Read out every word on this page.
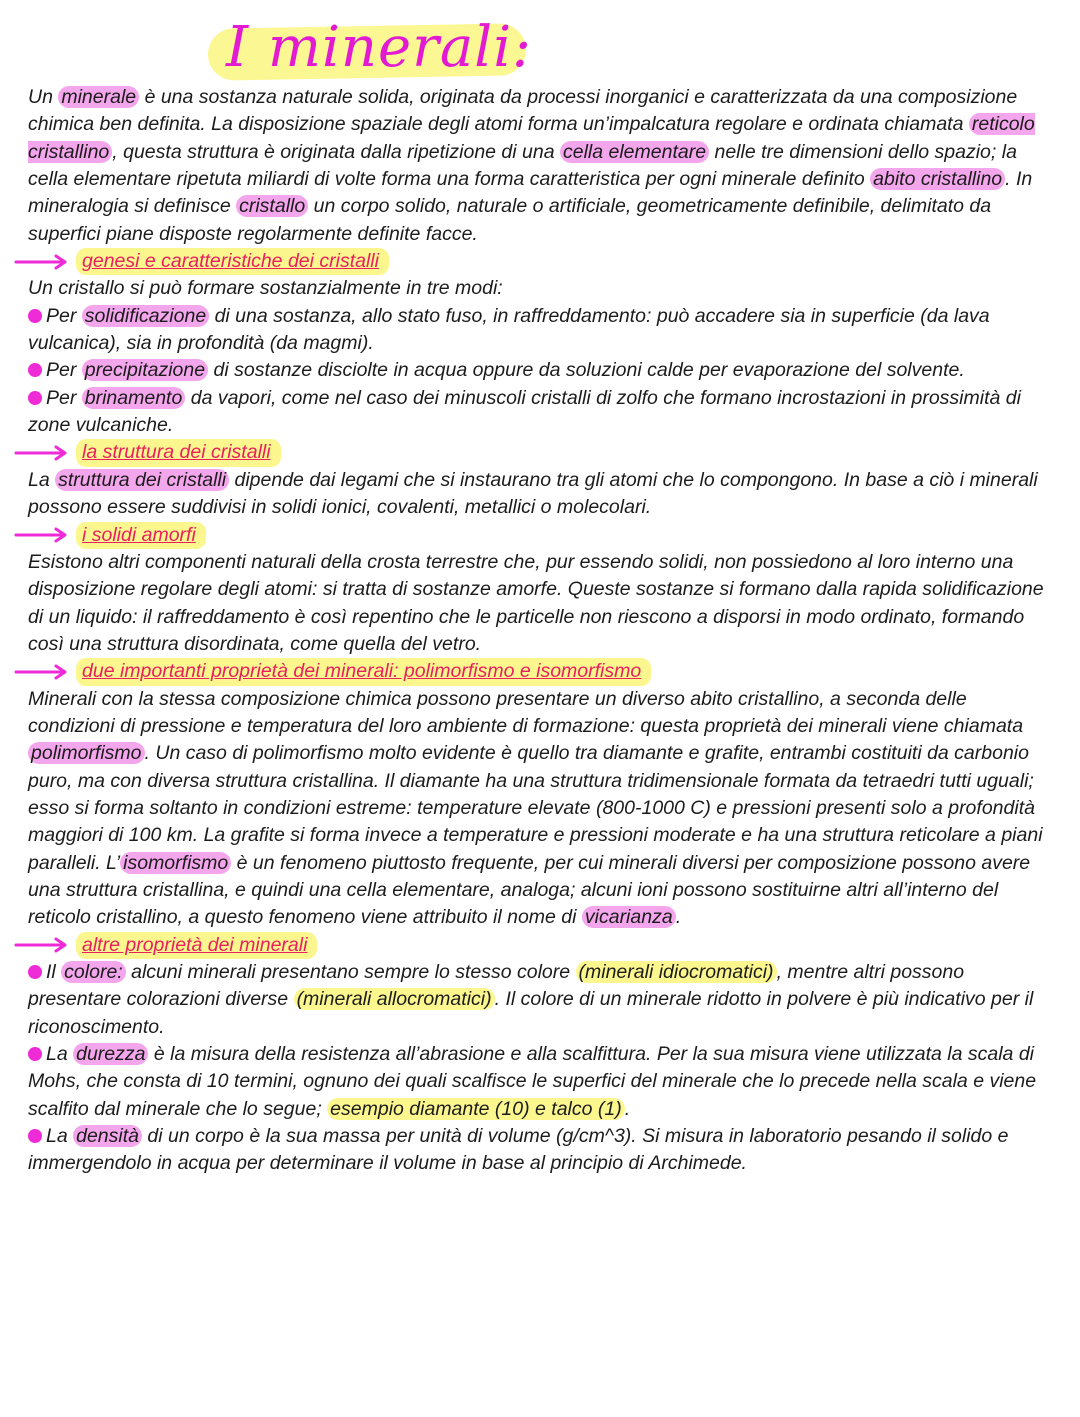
I minerali:

Un minerale è una sostanza naturale solida, originata da processi inorganici e caratterizzata da una composizione chimica ben definita. La disposizione spaziale degli atomi forma un’impalcatura regolare e ordinata chiamata reticolo cristallino , questa struttura è originata dalla ripetizione di una cella elementare nelle tre dimensioni dello spazio; la cella elementare ripetuta miliardi di volte forma una forma caratteristica per ogni minerale definito abito cristallino . In mineralogia si definisce cristallo un corpo solido, naturale o artificiale, geometricamente definibile, delimitato da superfici piane disposte regolarmente definite facce.

genesi e caratteristiche dei cristalli

Un cristallo si può formare sostanzialmente in tre modi:

Per solidificazione di una sostanza, allo stato fuso, in raffreddamento: può accadere sia in superficie (da lava vulcanica), sia in profondità (da magmi).

Per precipitazione di sostanze disciolte in acqua oppure da soluzioni calde per evaporazione del solvente.

Per brinamento da vapori, come nel caso dei minuscoli cristalli di zolfo che formano incrostazioni in prossimità di zone vulcaniche.

la struttura dei cristalli

La struttura dei cristalli dipende dai legami che si instaurano tra gli atomi che lo compongono. In base a ciò i minerali possono essere suddivisi in solidi ionici, covalenti, metallici o molecolari.

i solidi amorfi

Esistono altri componenti naturali della crosta terrestre che, pur essendo solidi, non possiedono al loro interno una disposizione regolare degli atomi: si tratta di sostanze amorfe. Queste sostanze si formano dalla rapida solidificazione di un liquido: il raffreddamento è così repentino che le particelle non riescono a disporsi in modo ordinato, formando così una struttura disordinata, come quella del vetro.

due importanti proprietà dei minerali: polimorfismo e isomorfismo

Minerali con la stessa composizione chimica possono presentare un diverso abito cristallino, a seconda delle condizioni di pressione e temperatura del loro ambiente di formazione: questa proprietà dei minerali viene chiamata polimorfismo . Un caso di polimorfismo molto evidente è quello tra diamante e grafite, entrambi costituiti da carbonio puro, ma con diversa struttura cristallina. Il diamante ha una struttura tridimensionale formata da tetraedri tutti uguali; esso si forma soltanto in condizioni estreme: temperature elevate (800-1000 C) e pressioni presenti solo a profondità maggiori di 100 km. La grafite si forma invece a temperature e pressioni moderate e ha una struttura reticolare a piani paralleli. L’ isomorfismo è un fenomeno piuttosto frequente, per cui minerali diversi per composizione possono avere una struttura cristallina, e quindi una cella elementare, analoga; alcuni ioni possono sostituirne altri all’interno del reticolo cristallino, a questo fenomeno viene attribuito il nome di vicarianza .

altre proprietà dei minerali

Il colore: alcuni minerali presentano sempre lo stesso colore (minerali idiocromatici) , mentre altri possono presentare colorazioni diverse (minerali allocromatici) . Il colore di un minerale ridotto in polvere è più indicativo per il riconoscimento.

La durezza è la misura della resistenza all’abrasione e alla scalfittura. Per la sua misura viene utilizzata la scala di Mohs, che consta di 10 termini, ognuno dei quali scalfisce le superfici del minerale che lo precede nella scala e viene scalfito dal minerale che lo segue; esempio diamante (10) e talco (1) .

La densità di un corpo è la sua massa per unità di volume (g/cm^3). Si misura in laboratorio pesando il solido e immergendolo in acqua per determinare il volume in base al principio di Archimede.
